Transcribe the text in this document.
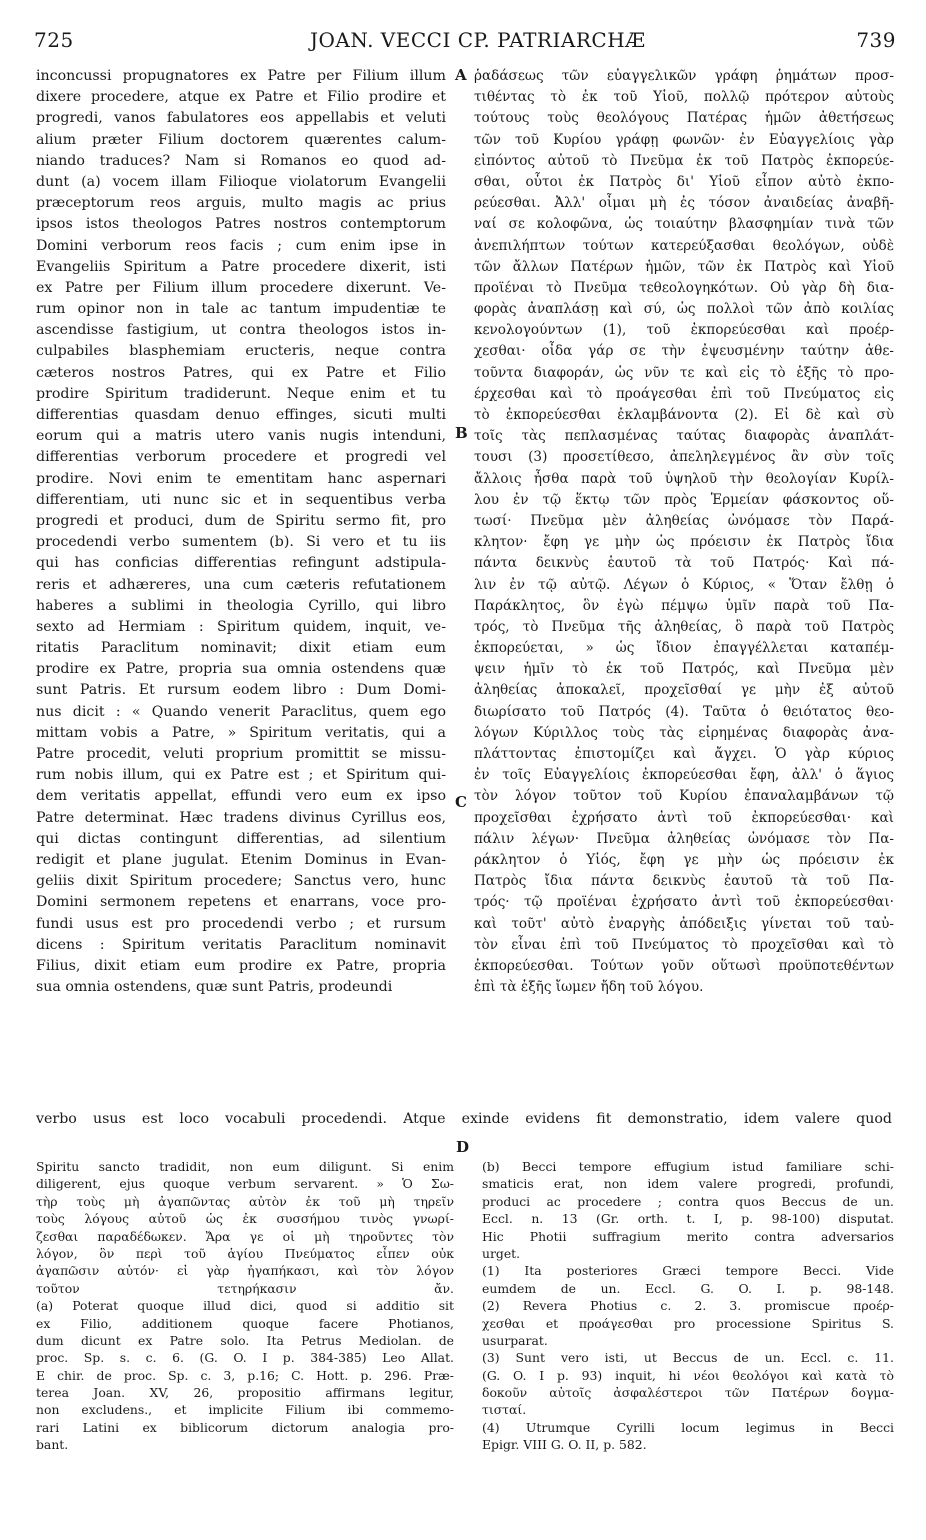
725	JOAN. VECCI CP. PATRIARCHÆ	739
inconcussi propugnatores ex Patre per Filium illum
dixere procedere, atque ex Patre et Filio prodire et
progredi, vanos fabulatores eos appellabis et veluti
alium præter Filium doctorem quærentes calum-
niando traduces? Nam si Romanos eo quod ad-
dunt (a) vocem illam Filioque violatorum Evangelii
præceptorum reos arguis, multo magis ac prius
ipsos istos theologos Patres nostros contemptorum
Domini verborum reos facis ; cum enim ipse in
Evangeliis Spiritum a Patre procedere dixerit, isti
ex Patre per Filium illum procedere dixerunt. Ve-
rum opinor non in tale ac tantum impudentiæ te
ascendisse fastigium, ut contra theologos istos in-
culpabiles blasphemiam eructeris, neque contra
cæteros nostros Patres, qui ex Patre et Filio
prodire Spiritum tradiderunt. Neque enim et tu
differentias quasdam denuo effinges, sicuti multi
eorum qui a matris utero vanis nugis intenduni,
differentias verborum procedere et progredi vel
prodire. Novi enim te ementitam hanc aspernari
differentiam, uti nunc sic et in sequentibus verba
progredi et produci, dum de Spiritu sermo fit, pro
procedendi verbo sumentem (b). Si vero et tu iis
qui has conficias differentias refingunt adstipula-
reris et adhæreres, una cum cæteris refutationem
haberes a sublimi in theologia Cyrillo, qui libro
sexto ad Hermiam : Spiritum quidem, inquit, ve-
ritatis Paraclitum nominavit; dixit etiam eum
prodire ex Patre, propria sua omnia ostendens quæ
sunt Patris. Et rursum eodem libro : Dum Domi-
nus dicit : « Quando venerit Paraclitus, quem ego
mittam vobis a Patre, » Spiritum veritatis, qui a
Patre procedit, veluti proprium promittit se missu-
rum nobis illum, qui ex Patre est ; et Spiritum qui-
dem veritatis appellat, effundi vero eum ex ipso
Patre determinat. Hæc tradens divinus Cyrillus eos,
qui dictas contingunt differentias, ad silentium
redigit et plane jugulat. Etenim Dominus in Evan-
geliis dixit Spiritum procedere; Sanctus vero, hunc
Domini sermonem repetens et enarrans, voce pro-
fundi usus est pro procedendi verbo ; et rursum
dicens : Spiritum veritatis Paraclitum nominavit
Filius, dixit etiam eum prodire ex Patre, propria
sua omnia ostendens, quæ sunt Patris, prodeundi
ῥαδάσεως τῶν εὐαγγελικῶν γράφη ῥημάτων προσ-
τιθέντας τὸ ἐκ τοῦ Υἱοῦ, πολλῷ πρότερον αὐτοὺς
τούτους τοὺς θεολόγους Πατέρας ἡμῶν ἀθετήσεως
τῶν τοῦ Κυρίου γράφῃ φωνῶν· ἐν Εὐαγγελίοις γὰρ
εἰπόντος αὐτοῦ τὸ Πνεῦμα ἐκ τοῦ Πατρὸς ἐκπορεύε-
σθαι, οὗτοι ἐκ Πατρὸς δι' Υἱοῦ εἶπον αὐτὸ ἐκπο-
ρεύεσθαι. Ἀλλ' οἶμαι μὴ ἐς τόσον ἀναιδείας ἀναβῆ-
ναί σε κολοφῶνα, ὡς τοιαύτην βλασφημίαν τινὰ τῶν
ἀνεπιλήπτων τούτων κατερεύξασθαι θεολόγων, οὐδὲ
τῶν ἄλλων Πατέρων ἡμῶν, τῶν ἐκ Πατρὸς καὶ Υἱοῦ
προϊέναι τὸ Πνεῦμα τεθεολογηκότων. Οὐ γὰρ δὴ δια-
φορὰς ἀναπλάσῃ καὶ σύ, ὡς πολλοὶ τῶν ἀπὸ κοιλίας
κενολογούντων (1), τοῦ ἐκπορεύεσθαι καὶ προέρ-
χεσθαι· οἶδα γάρ σε τὴν ἐψευσμένην ταύτην ἀθε-
τοῦντα διαφοράν, ὡς νῦν τε καὶ εἰς τὸ ἑξῆς τὸ προ-
έρχεσθαι καὶ τὸ προάγεσθαι ἐπὶ τοῦ Πνεύματος εἰς
τὸ ἐκπορεύεσθαι ἐκλαμβάνοντα (2). Εἰ δὲ καὶ σὺ
τοῖς τὰς πεπλασμένας ταύτας διαφορὰς ἀναπλάτ-
τουσι (3) προσετίθεσο, ἀπεληλεγμένος ἂν σὺν τοῖς
ἄλλοις ἦσθα παρὰ τοῦ ὑψηλοῦ τὴν θεολογίαν Κυρίλ-
λου ἐν τῷ ἕκτῳ τῶν πρὸς Ἑρμείαν φάσκοντος οὕ-
τωσί· Πνεῦμα μὲν ἀληθείας ὠνόμασε τὸν Παρά-
κλητον· ἔφη γε μὴν ὡς πρόεισιν ἐκ Πατρὸς ἴδια
πάντα δεικνὺς ἑαυτοῦ τὰ τοῦ Πατρός· Καὶ πά-
λιν ἐν τῷ αὐτῷ. Λέγων ὁ Κύριος, « Ὅταν ἔλθῃ ὁ
Παράκλητος, ὃν ἐγὼ πέμψω ὑμῖν παρὰ τοῦ Πα-
τρός, τὸ Πνεῦμα τῆς ἀληθείας, ὃ παρὰ τοῦ Πατρὸς
ἐκπορεύεται, » ὡς ἴδιον ἐπαγγέλλεται καταπέμ-
ψειν ἡμῖν τὸ ἐκ τοῦ Πατρός, καὶ Πνεῦμα μὲν
ἀληθείας ἀποκαλεῖ, προχεῖσθαί γε μὴν ἐξ αὐτοῦ
διωρίσατο τοῦ Πατρός (4). Ταῦτα ὁ θειότατος θεο-
λόγων Κύριλλος τοὺς τὰς εἰρημένας διαφορὰς ἀνα-
πλάττοντας ἐπιστομίζει καὶ ἄγχει. Ὁ γὰρ κύριος
ἐν τοῖς Εὐαγγελίοις ἐκπορεύεσθαι ἔφη, ἀλλ' ὁ ἅγιος
τὸν λόγον τοῦτον τοῦ Κυρίου ἐπαναλαμβάνων τῷ
προχεῖσθαι ἐχρήσατο ἀντὶ τοῦ ἐκπορεύεσθαι· καὶ
πάλιν λέγων· Πνεῦμα ἀληθείας ὠνόμασε τὸν Πα-
ράκλητον ὁ Υἱός, ἔφη γε μὴν ὡς πρόεισιν ἐκ
Πατρὸς ἴδια πάντα δεικνὺς ἑαυτοῦ τὰ τοῦ Πα-
τρός· τῷ προϊέναι ἐχρήσατο ἀντὶ τοῦ ἐκπορεύεσθαι·
καὶ τοῦτ' αὐτὸ ἐναργὴς ἀπόδειξις γίνεται τοῦ ταὐ-
τὸν εἶναι ἐπὶ τοῦ Πνεύματος τὸ προχεῖσθαι καὶ τὸ
ἐκπορεύεσθαι. Τούτων γοῦν οὕτωσὶ προϋποτεθέντων
ἐπὶ τὰ ἑξῆς ἴωμεν ἤδη τοῦ λόγου.
A
B
C
verbo usus est loco vocabuli procedendi. Atque exinde evidens fit demonstratio, idem valere quod
D
Spiritu sancto tradidit, non eum diligunt. Si enim
diligerent, ejus quoque verbum servarent. » Ὁ Σω-
τὴρ τοὺς μὴ ἀγαπῶντας αὐτὸν ἐκ τοῦ μὴ τηρεῖν
τοὺς λόγους αὐτοῦ ὡς ἐκ συσσήμου τινὸς γνωρί-
ζεσθαι παραδέδωκεν. Ἄρα γε οἱ μὴ τηροῦντες τὸν
λόγον, ὃν περὶ τοῦ ἁγίου Πνεύματος εἶπεν οὐκ
ἀγαπῶσιν αὐτόν· εἰ γὰρ ἠγαπήκασι, καὶ τὸν λόγον
τοῦτον τετηρήκασιν ἄν.
(a) Poterat quoque illud dici, quod si additio sit
ex Filio, additionem quoque facere Photianos,
dum dicunt ex Patre solo. Ita Petrus Mediolan. de
proc. Sp. s. c. 6. (G. O. I p. 384-385) Leo Allat.
E chir. de proc. Sp. c. 3, p.16; C. Hott. p. 296. Præ-
terea Joan. XV, 26, propositio affirmans legitur,
non excludens., et implicite Filium ibi commemo-
rari Latini ex biblicorum dictorum analogia pro-
bant.
(b) Becci tempore effugium istud familiare schi-
smaticis erat, non idem valere progredi, profundi,
produci ac procedere ; contra quos Beccus de un.
Eccl. n. 13 (Gr. orth. t. I, p. 98-100) disputat.
Hic Photii suffragium merito contra adversarios
urget.
(1) Ita posteriores Græci tempore Becci. Vide
eumdem de un. Eccl. G. O. I. p. 98-148.
(2) Revera Photius c. 2. 3. promiscue προέρ-
χεσθαι et προάγεσθαι pro processione Spiritus S.
usurparat.
(3) Sunt vero isti, ut Beccus de un. Eccl. c. 11.
(G. O. I p. 93) inquit, hi νέοι θεολόγοι καὶ κατὰ τὸ
δοκοῦν αὐτοῖς ἀσφαλέστεροι τῶν Πατέρων δογμα-
τισταί.
(4) Utrumque Cyrilli locum legimus in Becci
Epigr. VIII G. O. II, p. 582.
